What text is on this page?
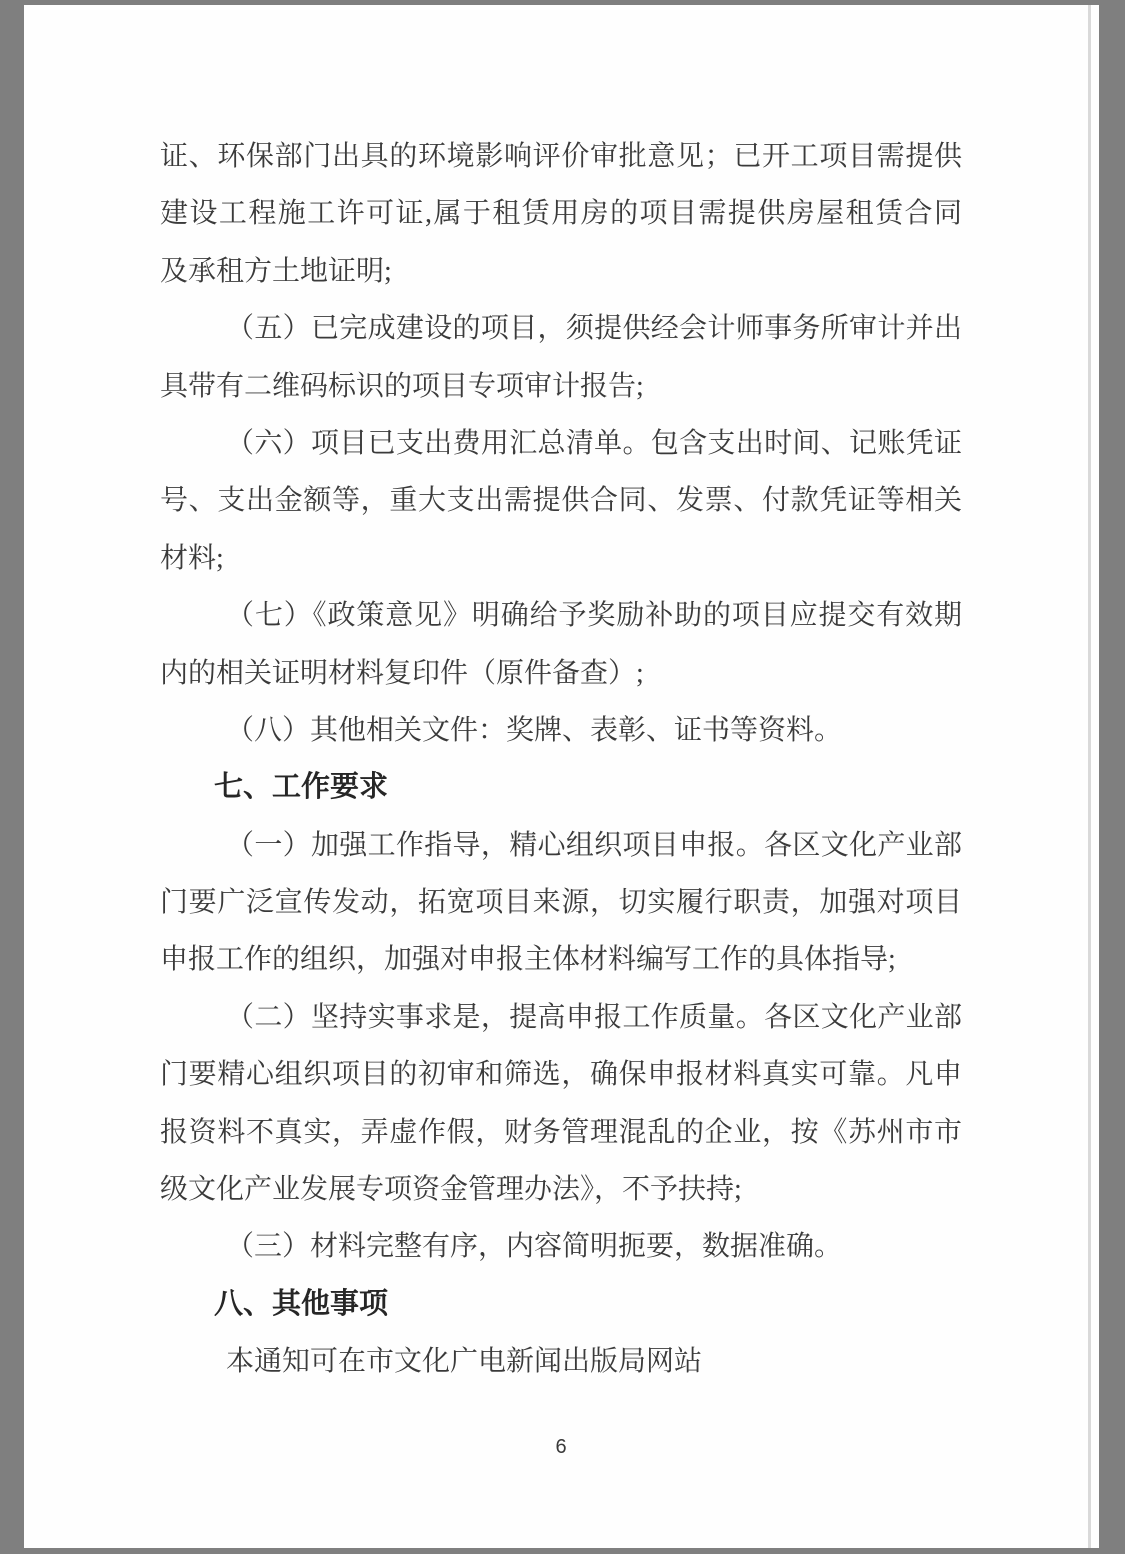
证、环保部门出具的环境影响评价审批意见；已开工项目需提供
建设工程施工许可证,属于租赁用房的项目需提供房屋租赁合同
及承租方土地证明;
（五）已完成建设的项目，须提供经会计师事务所审计并出
具带有二维码标识的项目专项审计报告;
（六）项目已支出费用汇总清单。包含支出时间、记账凭证
号、支出金额等，重大支出需提供合同、发票、付款凭证等相关
材料;
（七）《政策意见》明确给予奖励补助的项目应提交有效期
内的相关证明材料复印件（原件备查）;
（八）其他相关文件：奖牌、表彰、证书等资料。
七、工作要求
（一）加强工作指导，精心组织项目申报。各区文化产业部
门要广泛宣传发动，拓宽项目来源，切实履行职责，加强对项目
申报工作的组织，加强对申报主体材料编写工作的具体指导;
（二）坚持实事求是，提高申报工作质量。各区文化产业部
门要精心组织项目的初审和筛选，确保申报材料真实可靠。凡申
报资料不真实，弄虚作假，财务管理混乱的企业，按《苏州市市
级文化产业发展专项资金管理办法》，不予扶持;
（三）材料完整有序，内容简明扼要，数据准确。
八、其他事项
本通知可在市文化广电新闻出版局网站
6
